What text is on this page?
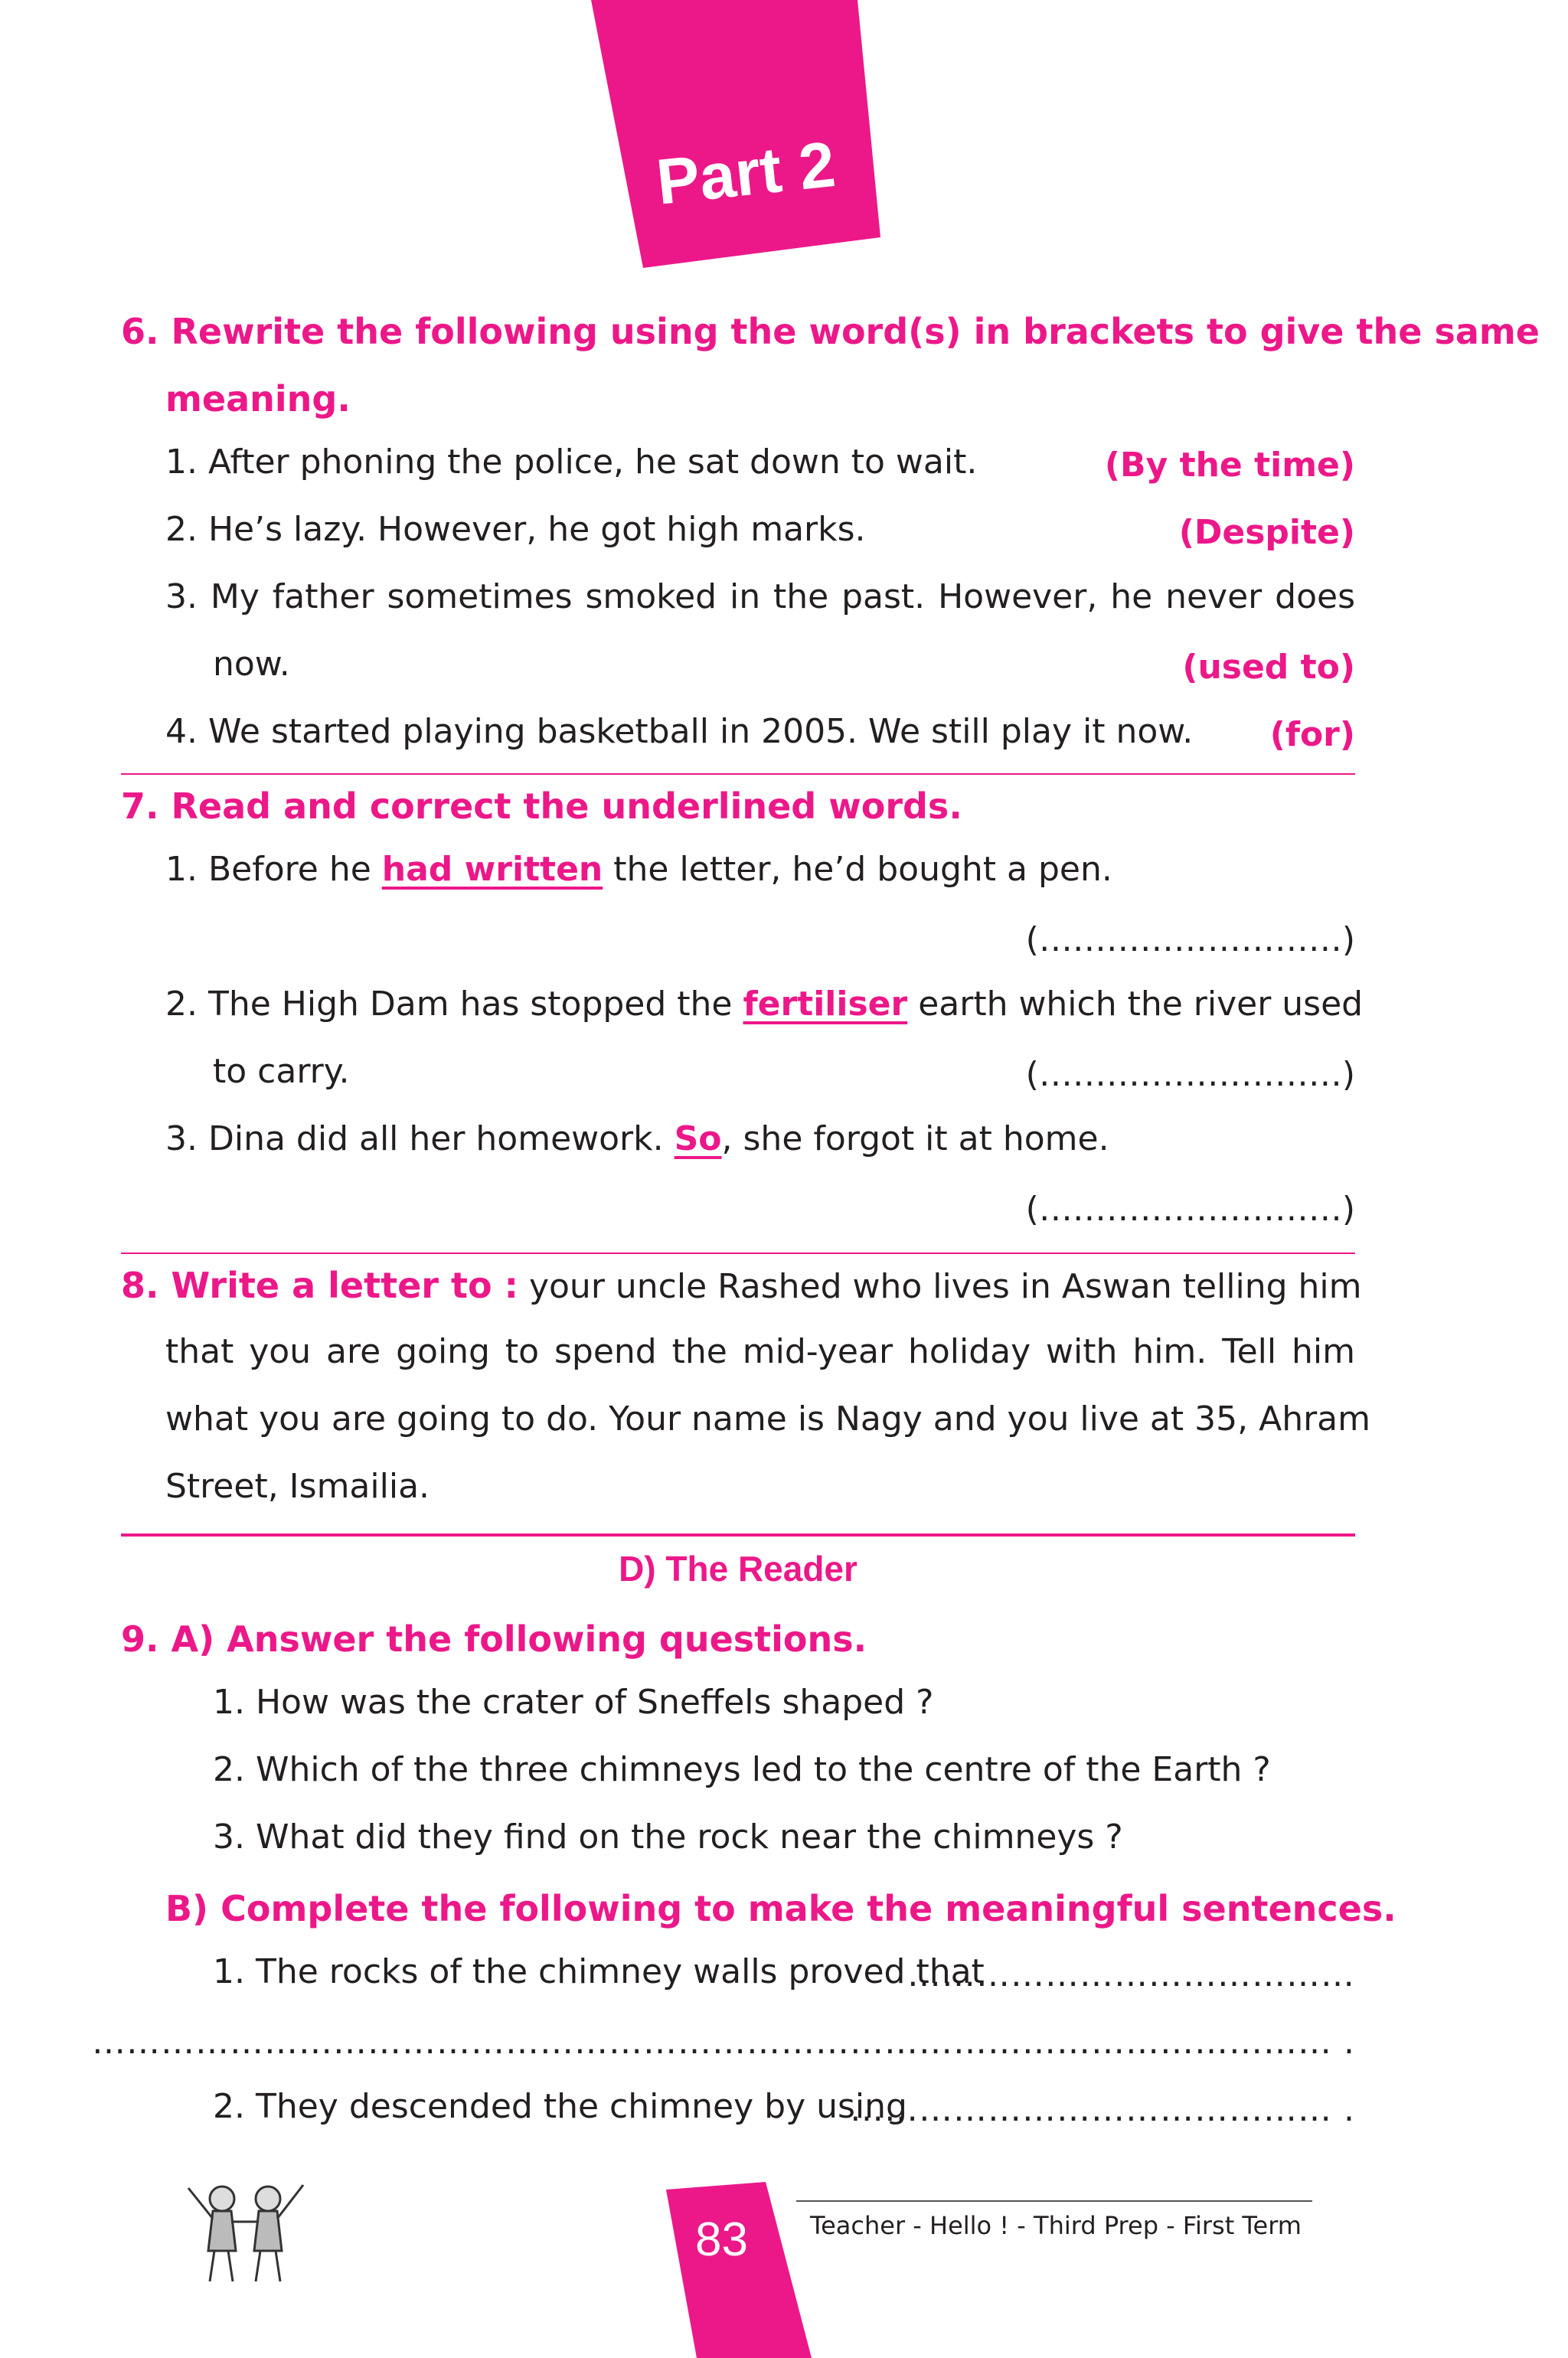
Part 2
6. Rewrite the following using the word(s) in brackets to give the same
meaning.
1. After phoning the police, he sat down to wait.	(By the time)
2. He’s lazy. However, he got high marks.	(Despite)
3. My father sometimes smoked in the past. However, he never does
now.	(used to)
4. We started playing basketball in 2005. We still play it now. (for)
7. Read and correct the underlined words.
1. Before he had written the letter, he’d bought a pen.
(………………………)
2. The High Dam has stopped the fertiliser earth which the river used
to carry.	(………………………)
3. Dina did all her homework. So, she forgot it at home.
(………………………)
8. Write a letter to : your uncle Rashed who lives in Aswan telling him
that you are going to spend the mid-year holiday with him. Tell him
what you are going to do. Your name is Nagy and you live at 35, Ahram
Street, Ismailia.
D) The Reader
9. A) Answer the following questions.
1. How was the crater of Sneffels shaped ?
2. Which of the three chimneys led to the centre of the Earth ?
3. What did they find on the rock near the chimneys ?
B) Complete the following to make the meaningful sentences.
1. The rocks of the chimney walls proved that
…………………………………
……………………………………………………………………………………………… .
2. They descended the chimney by using
…………………………………… .
83	Teacher - Hello ! - Third Prep - First Term
